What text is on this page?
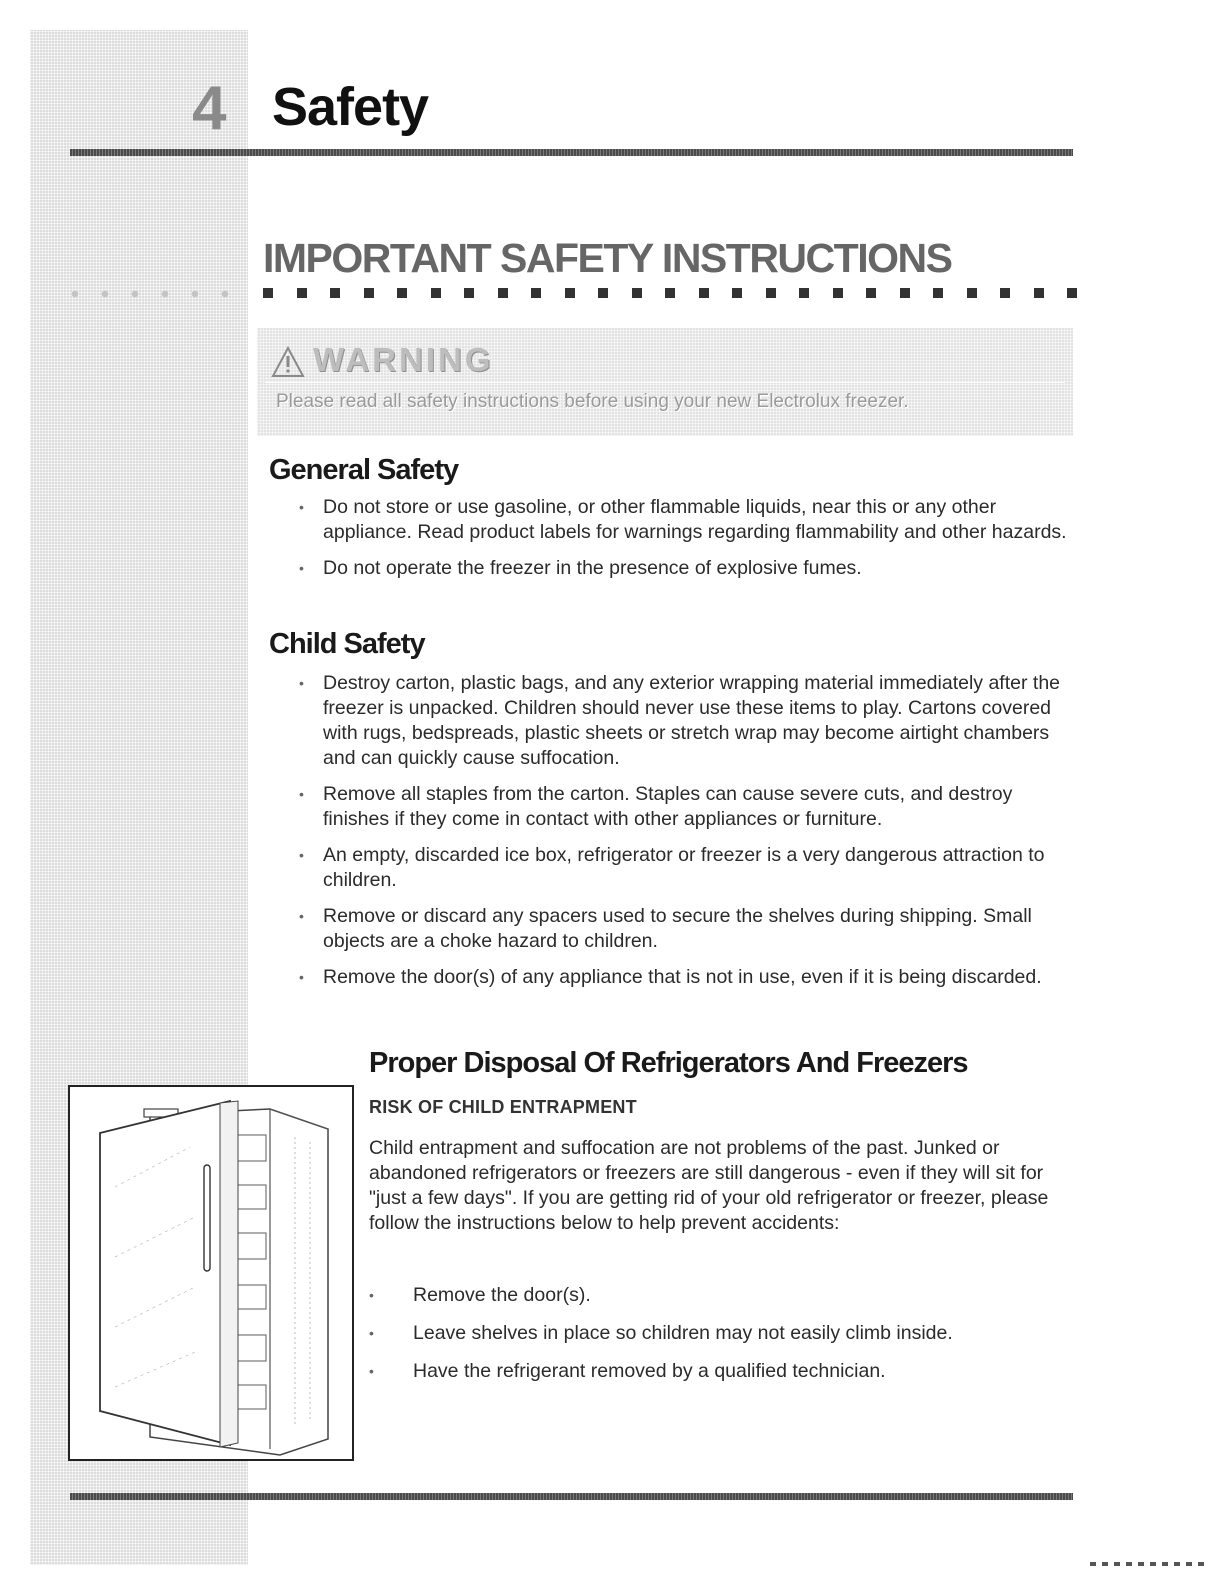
4 Safety
IMPORTANT SAFETY INSTRUCTIONS
WARNING
Please read all safety instructions before using your new Electrolux freezer.
General Safety
• Do not store or use gasoline, or other flammable liquids, near this or any other appliance. Read product labels for warnings regarding flammability and other hazards.
• Do not operate the freezer in the presence of explosive fumes.
Child Safety
• Destroy carton, plastic bags, and any exterior wrapping material immediately after the freezer is unpacked. Children should never use these items to play. Cartons covered with rugs, bedspreads, plastic sheets or stretch wrap may become airtight chambers and can quickly cause suffocation.
• Remove all staples from the carton. Staples can cause severe cuts, and destroy finishes if they come in contact with other appliances or furniture.
• An empty, discarded ice box, refrigerator or freezer is a very dangerous attraction to children.
• Remove or discard any spacers used to secure the shelves during shipping. Small objects are a choke hazard to children.
• Remove the door(s) of any appliance that is not in use, even if it is being discarded.
Proper Disposal Of Refrigerators And Freezers
RISK OF CHILD ENTRAPMENT

Child entrapment and suffocation are not problems of the past. Junked or abandoned refrigerators or freezers are still dangerous - even if they will sit for "just a few days". If you are getting rid of your old refrigerator or freezer, please follow the instructions below to help prevent accidents:

• Remove the door(s).
• Leave shelves in place so children may not easily climb inside.
• Have the refrigerant removed by a qualified technician.
